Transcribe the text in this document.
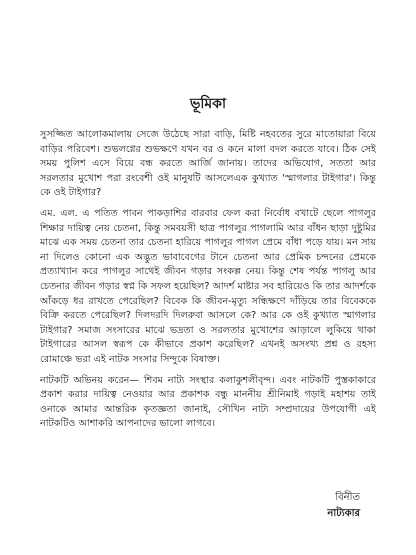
ভূমিকা

সুসজ্জিত আলোকমালায় সেজে উঠেছে সারা বাড়ি, মিষ্টি নহবতের সুরে মাতোয়ারা বিয়ে বাড়ির পরিবেশ। শুভলগ্নের শুভক্ষণে যখন বর ও কনে মালা বদল করতে যাবে। ঠিক সেই সময় পুলিশ এসে বিয়ে বন্ধ করতে আর্জি জানায়। তাদের অভিযোগ, সততা আর সরলতার মুখোশ পরা রংবেশী ওই মানুষটি আসলেএক কুখ্যাত 'স্মাগলার টাইগার'। কিন্তু কে ওই টাইগার?

এম. এল. এ পতিত পাবন পাকড়াশির বারবার ফেল করা নির্বোধ বখাটে ছেলে পাগলুর শিক্ষার দায়িত্ব নেয় চেতনা, কিন্তু সমবয়সী ছাত্র পাগলুর পাগলামি আর বাঁধন ছাড়া দুষ্টুমির মাঝে এক সময় চেতনা তার চেতনা হারিয়ে পাগলুর পাগল প্রেমে বাঁধা পড়ে যায়। মন সায় না দিলেও কোনো এক অদ্ভুত ভাবাবেগের টানে চেতনা আর প্রেমিক চন্দনের প্রেমকে প্রত্যাখ্যান করে পাগলুর সাথেই জীবন গড়ার সংকল্প নেয়। কিন্তু শেষ পর্যন্ত পাগলু আর চেতনার জীবন গড়ার স্বপ্ন কি সফল হয়েছিল? আদর্শ মাষ্টার সব হারিয়েও কি তার আদর্শকে আঁকড়ে ধর রাখতে পেরেছিল? বিবেক কি জীবন-মৃত্যু সন্ধিক্ষণে দাঁড়িয়ে তার বিবেককে বিক্রি করতে পেরেছিল? দিলদরদি দিলরুবা আসলে কে? আর কে ওই কুখ্যাত স্মাগলার টাইগার? সমাজ সংসারের মাঝে ভদ্রতা ও সরলতার মুখোশের আড়ালে লুকিয়ে থাকা টাইগারের আসল স্বরূপ কে কীভাবে প্রকাশ করেছিল? এখনই অসংখ্য প্রশ্ন ও রহস্য রোমাঞ্চে ভরা এই নাটক সংসার সিন্দুকে বিষাক্ত।

নাটকটি অভিনয় করেন— শিবম নাট্য সংস্থার কলাকুশলীবৃন্দ। এবং নাটকটি পুস্তকাকারে প্রকাশ করার দায়িত্ব নেওয়ার আর প্রকাশক বন্ধু মাননীয় শ্রীনিমাই গড়াই মহাশয় তাই ওনাকে আমার আন্তরিক কৃতজ্ঞতা জানাই, সৌখিন নাট্য সম্প্রদায়ের উপযোগী এই নাটকটিও আশাকরি আপনাদের ভালো লাগবে।

বিনীত
নাট্যকার
